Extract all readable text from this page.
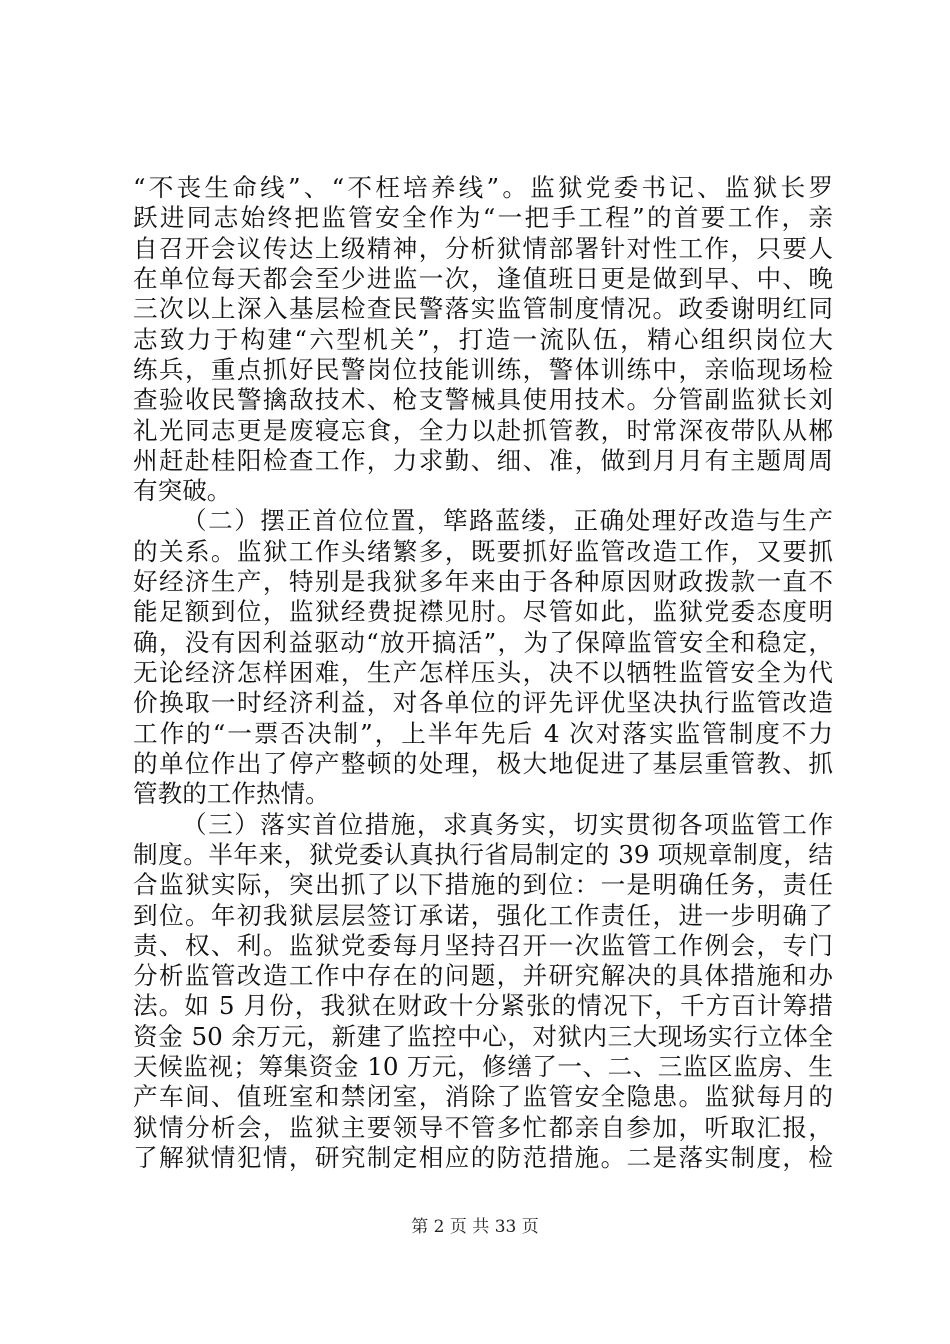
“不丧生命线”、“不枉培养线”。监狱党委书记、监狱长罗
跃进同志始终把监管安全作为“一把手工程”的首要工作，亲
自召开会议传达上级精神，分析狱情部署针对性工作，只要人
在单位每天都会至少进监一次，逢值班日更是做到早、中、晚
三次以上深入基层检查民警落实监管制度情况。政委谢明红同
志致力于构建“六型机关”，打造一流队伍，精心组织岗位大
练兵，重点抓好民警岗位技能训练，警体训练中，亲临现场检
查验收民警擒敌技术、枪支警械具使用技术。分管副监狱长刘
礼光同志更是废寝忘食，全力以赴抓管教，时常深夜带队从郴
州赶赴桂阳检查工作，力求勤、细、准，做到月月有主题周周
有突破。
（二）摆正首位位置，筚路蓝缕，正确处理好改造与生产
的关系。监狱工作头绪繁多，既要抓好监管改造工作，又要抓
好经济生产，特别是我狱多年来由于各种原因财政拨款一直不
能足额到位，监狱经费捉襟见肘。尽管如此，监狱党委态度明
确，没有因利益驱动“放开搞活”，为了保障监管安全和稳定，
无论经济怎样困难，生产怎样压头，决不以牺牲监管安全为代
价换取一时经济利益，对各单位的评先评优坚决执行监管改造
工作的“一票否决制”，上半年先后 4 次对落实监管制度不力
的单位作出了停产整顿的处理，极大地促进了基层重管教、抓
管教的工作热情。
（三）落实首位措施，求真务实，切实贯彻各项监管工作
制度。半年来，狱党委认真执行省局制定的 39 项规章制度，结
合监狱实际，突出抓了以下措施的到位：一是明确任务，责任
到位。年初我狱层层签订承诺，强化工作责任，进一步明确了
责、权、利。监狱党委每月坚持召开一次监管工作例会，专门
分析监管改造工作中存在的问题，并研究解决的具体措施和办
法。如 5 月份，我狱在财政十分紧张的情况下，千方百计筹措
资金 50 余万元，新建了监控中心，对狱内三大现场实行立体全
天候监视；筹集资金 10 万元，修缮了一、二、三监区监房、生
产车间、值班室和禁闭室，消除了监管安全隐患。监狱每月的
狱情分析会，监狱主要领导不管多忙都亲自参加，听取汇报，
了解狱情犯情，研究制定相应的防范措施。二是落实制度，检
第 2 页 共 33 页
